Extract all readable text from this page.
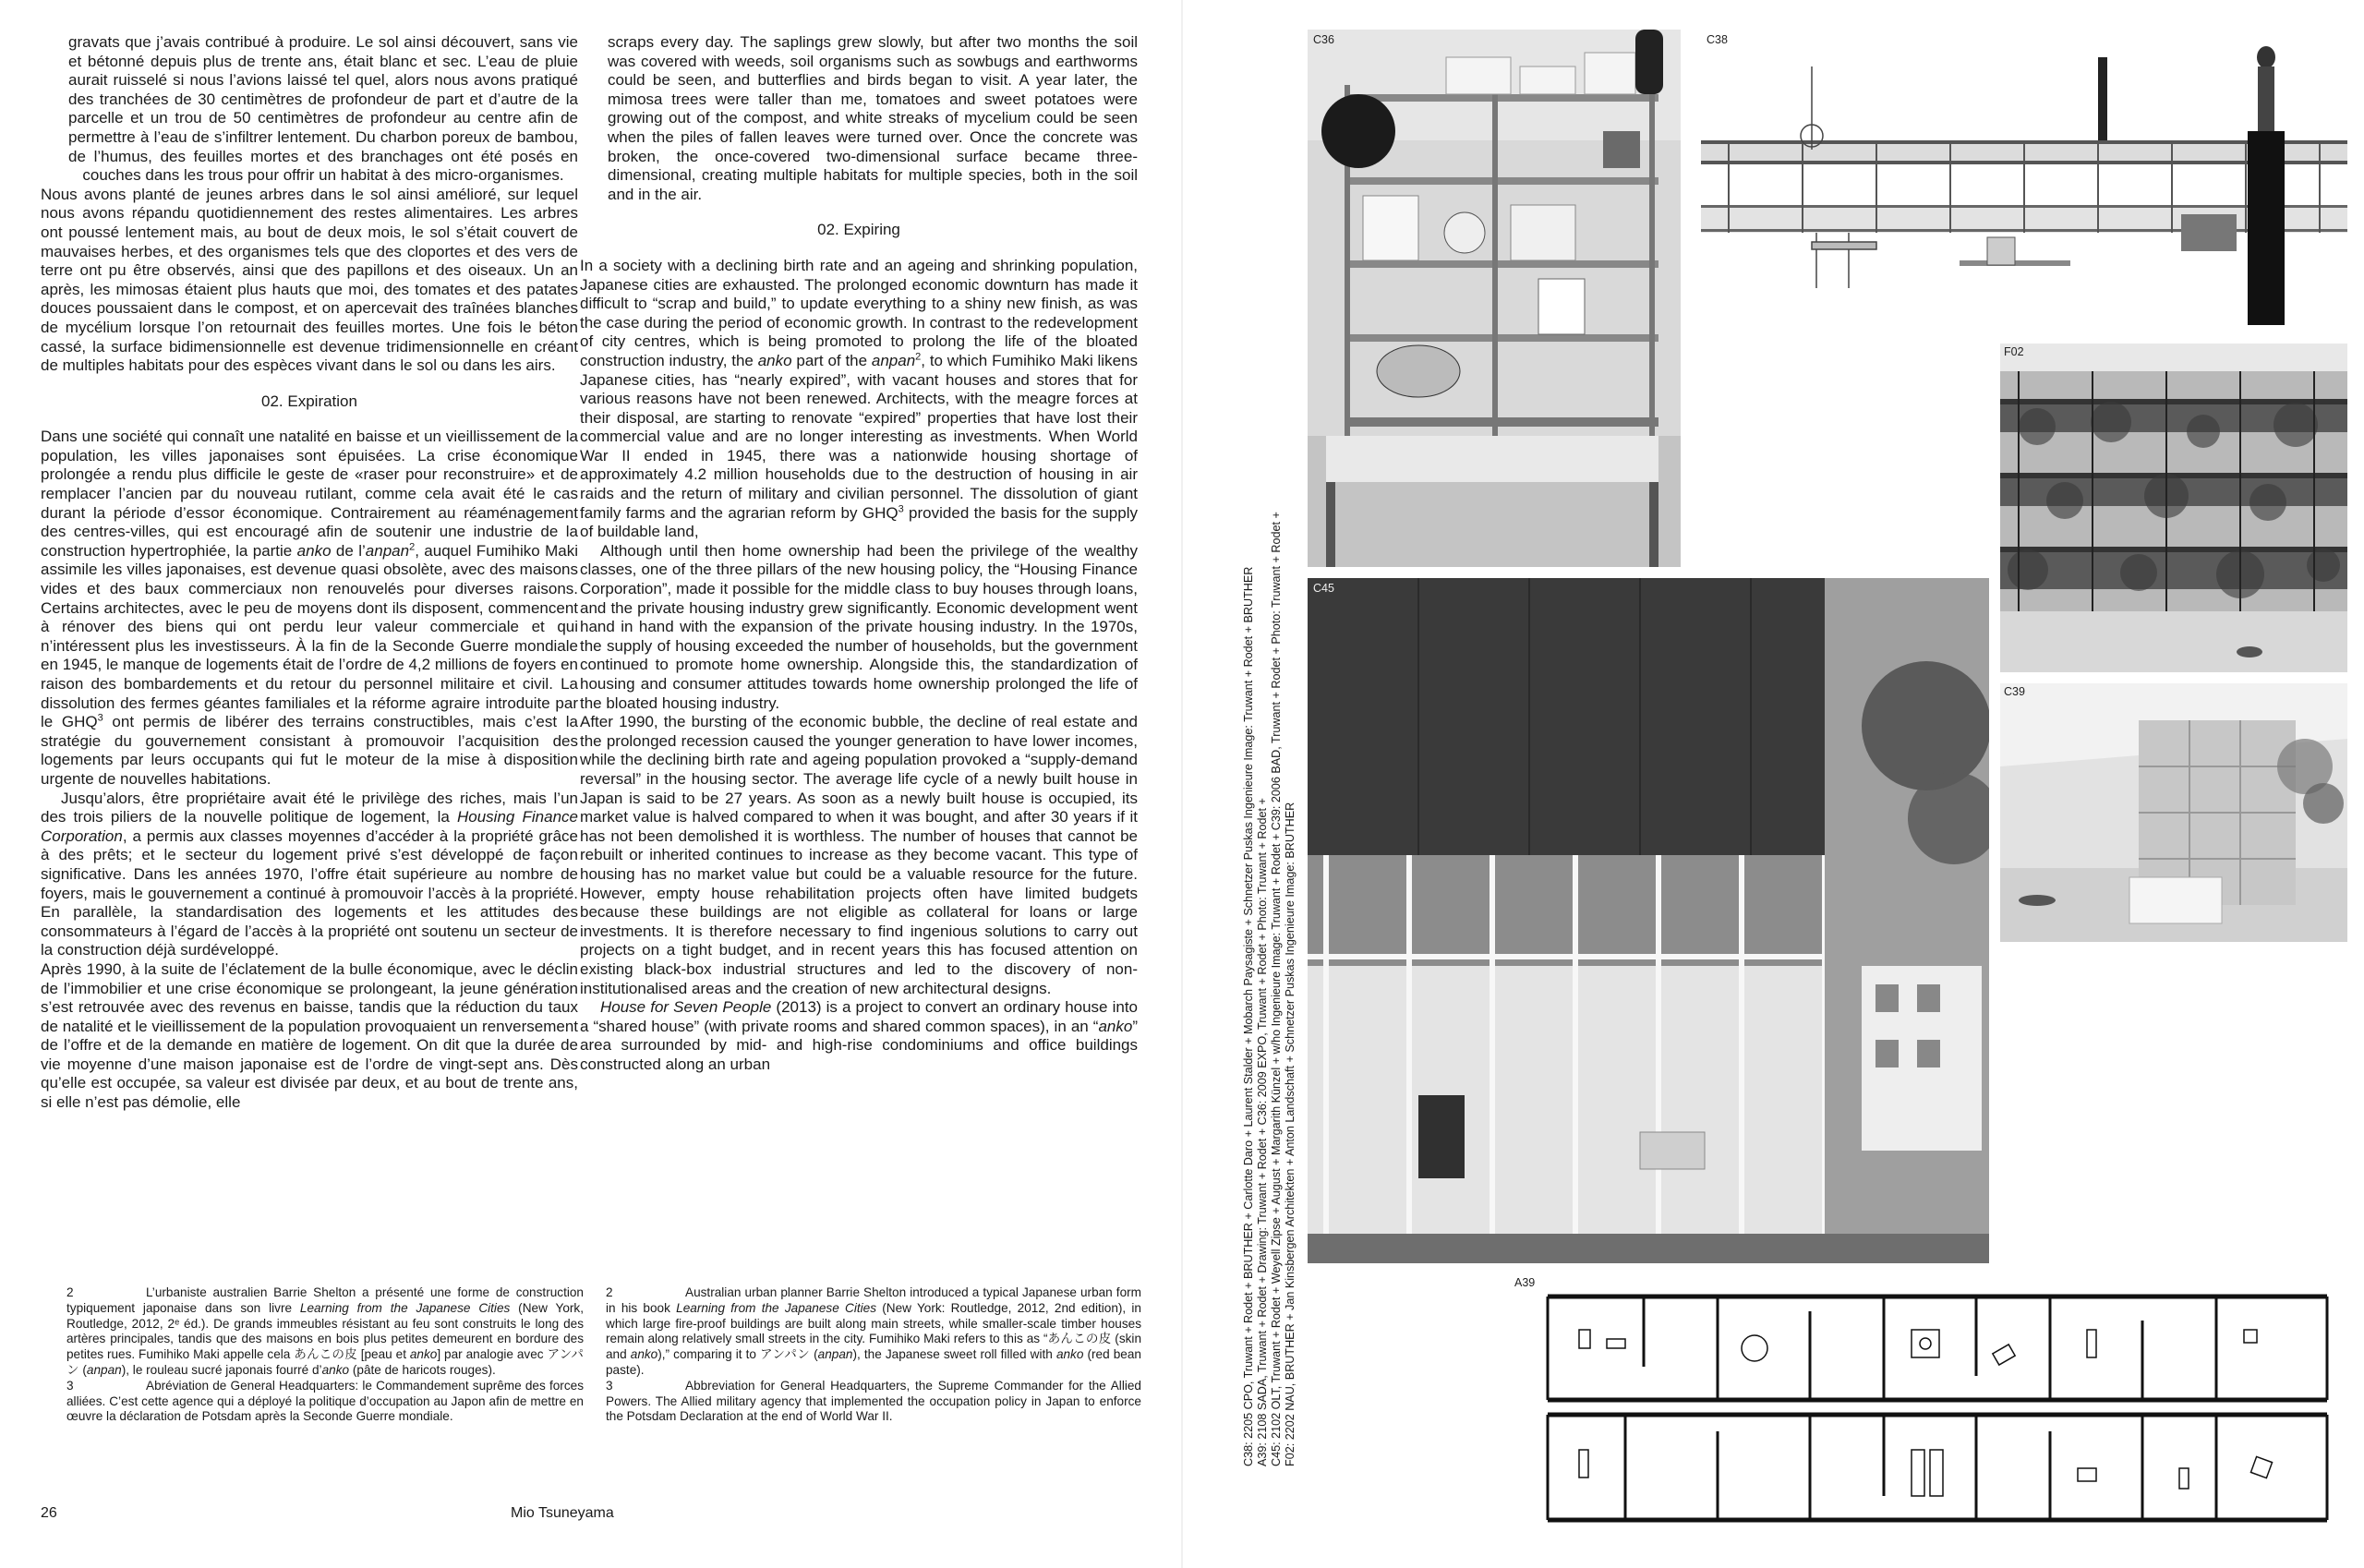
gravats que j’avais contribué à produire. Le sol ainsi découvert, sans vie et bétonné depuis plus de trente ans, était blanc et sec. L’eau de pluie aurait ruisselé si nous l’avions laissé tel quel, alors nous avons pratiqué des tranchées de 30 centimètres de profondeur de part et d’autre de la parcelle et un trou de 50 centimètres de profondeur au centre afin de permettre à l’eau de s’infiltrer lentement. Du charbon poreux de bambou, de l’humus, des feuilles mortes et des branchages ont été posés en couches dans les trous pour offrir un habitat à des micro-organismes.

Nous avons planté de jeunes arbres dans le sol ainsi amélioré, sur lequel nous avons répandu quotidiennement des restes alimentaires. Les arbres ont poussé lentement mais, au bout de deux mois, le sol s’était couvert de mauvaises herbes, et des organismes tels que des cloportes et des vers de terre ont pu être observés, ainsi que des papillons et des oiseaux. Un an après, les mimosas étaient plus hauts que moi, des tomates et des patates douces poussaient dans le compost, et on apercevait des traînées blanches de mycélium lorsque l’on retournait des feuilles mortes. Une fois le béton cassé, la surface bidimensionnelle est devenue tridimensionnelle en créant de multiples habitats pour des espèces vivant dans le sol ou dans les airs.

02. Expiration

Dans une société qui connaît une natalité en baisse et un vieillissement de la population, les villes japonaises sont épuisées. La crise économique prolongée a rendu plus difficile le geste de «raser pour reconstruire» et de remplacer l’ancien par du nouveau rutilant, comme cela avait été le cas durant la période d’essor économique. Contrairement au réaménagement des centres-villes, qui est encouragé afin de soutenir une industrie de la construction hypertrophiée, la partie anko de l’anpan$^2$, auquel Fumihiko Maki assimile les villes japonaises, est devenue quasi obsolète, avec des maisons vides et des baux commerciaux non renouvelés pour diverses raisons. Certains architectes, avec le peu de moyens dont ils disposent, commencent à rénover des biens qui ont perdu leur valeur commerciale et qui n’intéressent plus les investisseurs. À la fin de la Seconde Guerre mondiale en 1945, le manque de logements était de l’ordre de 4,2 millions de foyers en raison des bombardements et du retour du personnel militaire et civil. La dissolution des fermes géantes familiales et la réforme agraire introduite par le GHQ$^3$ ont permis de libérer des terrains constructibles, mais c’est la stratégie du gouvernement consistant à promouvoir l’acquisition des logements par leurs occupants qui fut le moteur de la mise à disposition urgente de nouvelles habitations.

Jusqu’alors, être propriétaire avait été le privilège des riches, mais l’un des trois piliers de la nouvelle politique de logement, la Housing Finance Corporation, a permis aux classes moyennes d’accéder à la propriété grâce à des prêts; et le secteur du logement privé s’est développé de façon significative. Dans les années 1970, l’offre était supérieure au nombre de foyers, mais le gouvernement a continué à promouvoir l’accès à la propriété. En parallèle, la standardisation des logements et les attitudes des consommateurs à l’égard de l’accès à la propriété ont soutenu un secteur de la construction déjà surdéveloppé.

Après 1990, à la suite de l’éclatement de la bulle économique, avec le déclin de l’immobilier et une crise économique se prolongeant, la jeune génération s’est retrouvée avec des revenus en baisse, tandis que la réduction du taux de natalité et le vieillissement de la population provoquaient un renversement de l’offre et de la demande en matière de logement. On dit que la durée de vie moyenne d’une maison japonaise est de l’ordre de vingt-sept ans. Dès qu’elle est occupée, sa valeur est divisée par deux, et au bout de trente ans, si elle n’est pas démolie, elle

scraps every day. The saplings grew slowly, but after two months the soil was covered with weeds, soil organisms such as sowbugs and earthworms could be seen, and butterflies and birds began to visit. A year later, the mimosa trees were taller than me, tomatoes and sweet potatoes were growing out of the compost, and white streaks of mycelium could be seen when the piles of fallen leaves were turned over. Once the concrete was broken, the once-covered two-dimensional surface became three-dimensional, creating multiple habitats for multiple species, both in the soil and in the air.

02. Expiring

In a society with a declining birth rate and an ageing and shrinking population, Japanese cities are exhausted. The prolonged economic downturn has made it difficult to “scrap and build,” to update everything to a shiny new finish, as was the case during the period of economic growth. In contrast to the redevelopment of city centres, which is being promoted to prolong the life of the bloated construction industry, the anko part of the anpan$^2$, to which Fumihiko Maki likens Japanese cities, has “nearly expired”, with vacant houses and stores that for various reasons have not been renewed. Architects, with the meagre forces at their disposal, are starting to renovate “expired” properties that have lost their commercial value and are no longer interesting as investments. When World War II ended in 1945, there was a nationwide housing shortage of approximately 4.2 million households due to the destruction of housing in air raids and the return of military and civilian personnel. The dissolution of giant family farms and the agrarian reform by GHQ$^3$ provided the basis for the supply of buildable land,

Although until then home ownership had been the privilege of the wealthy classes, one of the three pillars of the new housing policy, the “Housing Finance Corporation”, made it possible for the middle class to buy houses through loans, and the private housing industry grew significantly. Economic development went hand in hand with the expansion of the private housing industry. In the 1970s, the supply of housing exceeded the number of households, but the government continued to promote home ownership. Alongside this, the standardization of housing and consumer attitudes towards home ownership prolonged the life of the bloated housing industry.

After 1990, the bursting of the economic bubble, the decline of real estate and the prolonged recession caused the younger generation to have lower incomes, while the declining birth rate and ageing population provoked a “supply-demand reversal” in the housing sector. The average life cycle of a newly built house in Japan is said to be 27 years. As soon as a newly built house is occupied, its market value is halved compared to when it was bought, and after 30 years if it has not been demolished it is worthless. The number of houses that cannot be rebuilt or inherited continues to increase as they become vacant. This type of housing has no market value but could be a valuable resource for the future. However, empty house rehabilitation projects often have limited budgets because these buildings are not eligible as collateral for loans or large investments. It is therefore necessary to find ingenious solutions to carry out projects on a tight budget, and in recent years this has focused attention on existing black-box industrial structures and led to the discovery of non-institutionalised areas and the creation of new architectural designs.

House for Seven People (2013) is a project to convert an ordinary house into a “shared house” (with private rooms and shared common spaces), in an “anko” area surrounded by mid- and high-rise condominiums and office buildings constructed along an urban

2	L’urbaniste australien Barrie Shelton a présenté une forme de construction typiquement japonaise dans son livre Learning from the Japanese Cities (New York, Routledge, 2012, 2ᵉ éd.). De grands immeubles résistant au feu sont construits le long des artères principales, tandis que des maisons en bois plus petites demeurent en bordure des petites rues. Fumihiko Maki appelle cela あんこの皮 [peau et anko] par analogie avec アンパン (anpan), le rouleau sucré japonais fourré d’anko (pâte de haricots rouges).

3	Abréviation de General Headquarters: le Commandement suprême des forces alliées. C’est cette agence qui a déployé la politique d’occupation au Japon afin de mettre en œuvre la déclaration de Potsdam après la Seconde Guerre mondiale.

2	Australian urban planner Barrie Shelton introduced a typical Japanese urban form in his book Learning from the Japanese Cities (New York: Routledge, 2012, 2nd edition), in which large fire-proof buildings are built along main streets, while smaller-scale timber houses remain along relatively small streets in the city. Fumihiko Maki refers to this as “あんこの皮 (skin and anko),” comparing it to アンパン (anpan), the Japanese sweet roll filled with anko (red bean paste).

3	Abbreviation for General Headquarters, the Supreme Commander for the Allied Powers. The Allied military agency that implemented the occupation policy in Japan to enforce the Potsdam Declaration at the end of World War II.

26	Mio Tsuneyama

C38: 2205 CPO, Truwant + Rodet + BRUTHER + Carlotte Daro + Laurent Stalder + Mobarch Paysagiste + Schnetzer Puskas Ingenieure Image: Truwant + Rodet + BRUTHER A39: 2108 SADA, Truwant + Rodet + Drawing: Truwant + Rodet + C36: 2009 EXPO, Truwant + Rodet + Photo: Truwant + Rodet + C45: 2102 OLT, Truwant + Rodet + Weyell Zipse + August + Margarith Künzel + w/ho Ingenieure Image: Truwant + Rodet + C39: 2006 BAD, Truwant + Rodet + Photo: Truwant + Rodet + F02: 2202 NAU, BRUTHER + Jan Kinsbergen Architekten + Anton Landschaft + Schnetzer Puskas Ingenieure Image: BRUTHER

C36	C38
F02
C39
C45
A39
